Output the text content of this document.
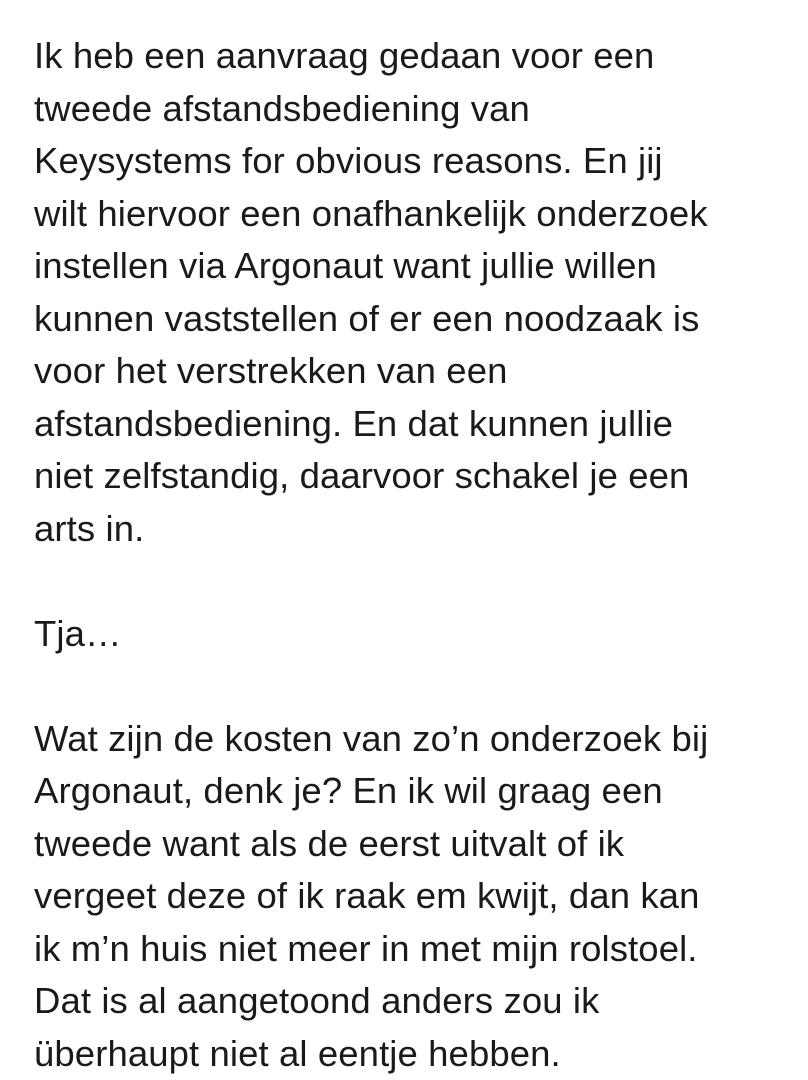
Ik heb een aanvraag gedaan voor een
tweede afstandsbediening van
Keysystems for obvious reasons. En jij
wilt hiervoor een onafhankelijk onderzoek
instellen via Argonaut want jullie willen
kunnen vaststellen of er een noodzaak is
voor het verstrekken van een
afstandsbediening. En dat kunnen jullie
niet zelfstandig, daarvoor schakel je een
arts in.

Tja…

Wat zijn de kosten van zo’n onderzoek bij
Argonaut, denk je? En ik wil graag een
tweede want als de eerst uitvalt of ik
vergeet deze of ik raak em kwijt, dan kan
ik m’n huis niet meer in met mijn rolstoel.
Dat is al aangetoond anders zou ik
überhaupt niet al eentje hebben.
